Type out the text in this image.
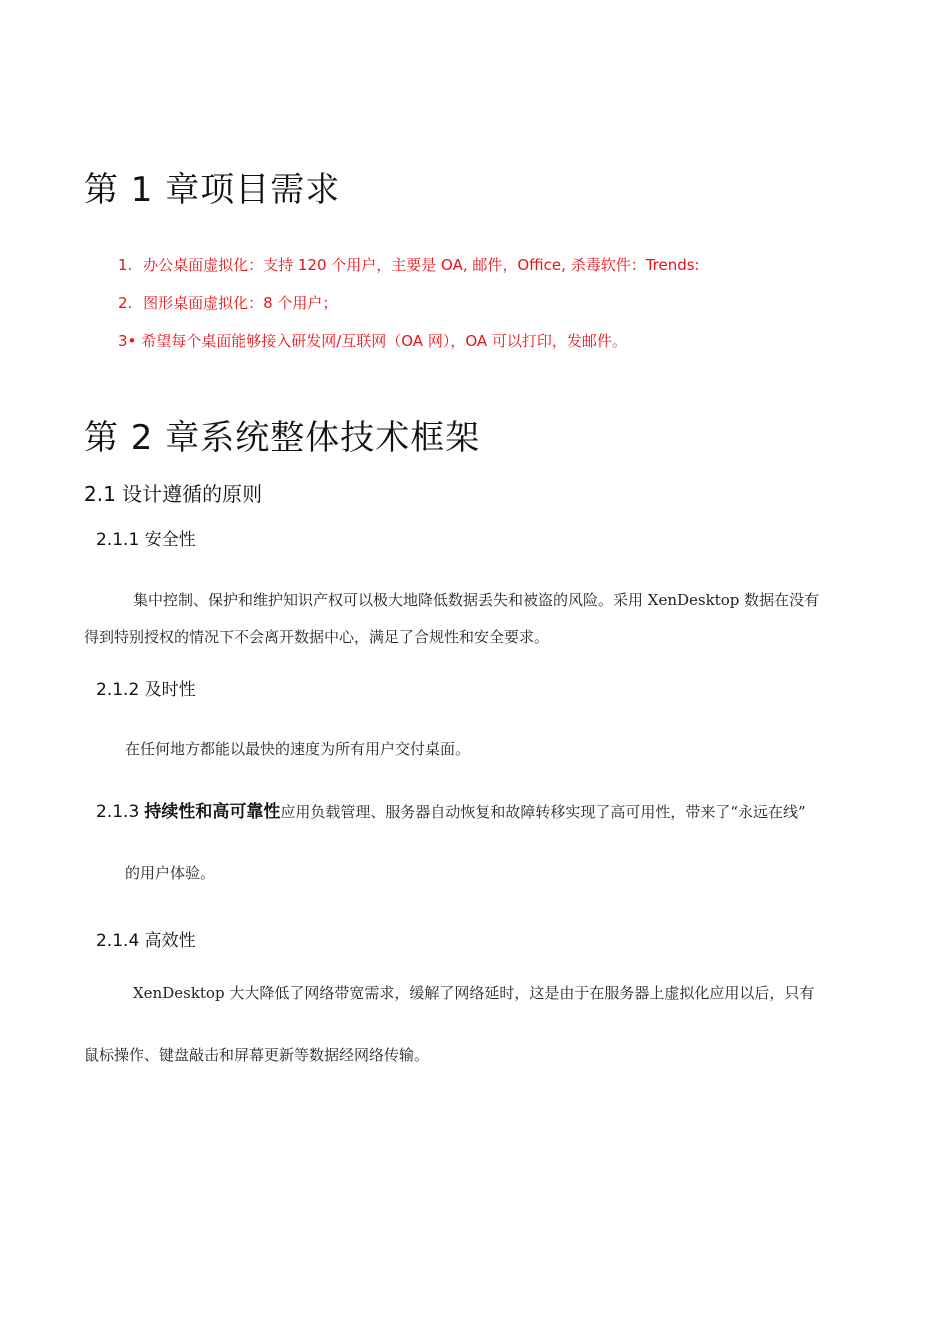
第 1 章项目需求
1. 办公桌面虚拟化：支持 120 个用户，主要是 OA, 邮件，Office, 杀毒软件：Trends:
2. 图形桌面虚拟化：8 个用户；
3• 希望每个桌面能够接入研发网/互联网（OA 网），OA 可以打印，发邮件。
第 2 章系统整体技术框架
2.1 设计遵循的原则
2.1.1 安全性
集中控制、保护和维护知识产权可以极大地降低数据丢失和被盗的风险。采用 XenDesktop 数据在没有
得到特别授权的情况下不会离开数据中心，满足了合规性和安全要求。
2.1.2 及时性
在任何地方都能以最快的速度为所有用户交付桌面。
2.1.3 持续性和高可靠性应用负载管理、服务器自动恢复和故障转移实现了高可用性，带来了“永远在线”
的用户体验。
2.1.4 高效性
XenDesktop 大大降低了网络带宽需求，缓解了网络延时，这是由于在服务器上虚拟化应用以后，只有
鼠标操作、键盘敲击和屏幕更新等数据经网络传输。
